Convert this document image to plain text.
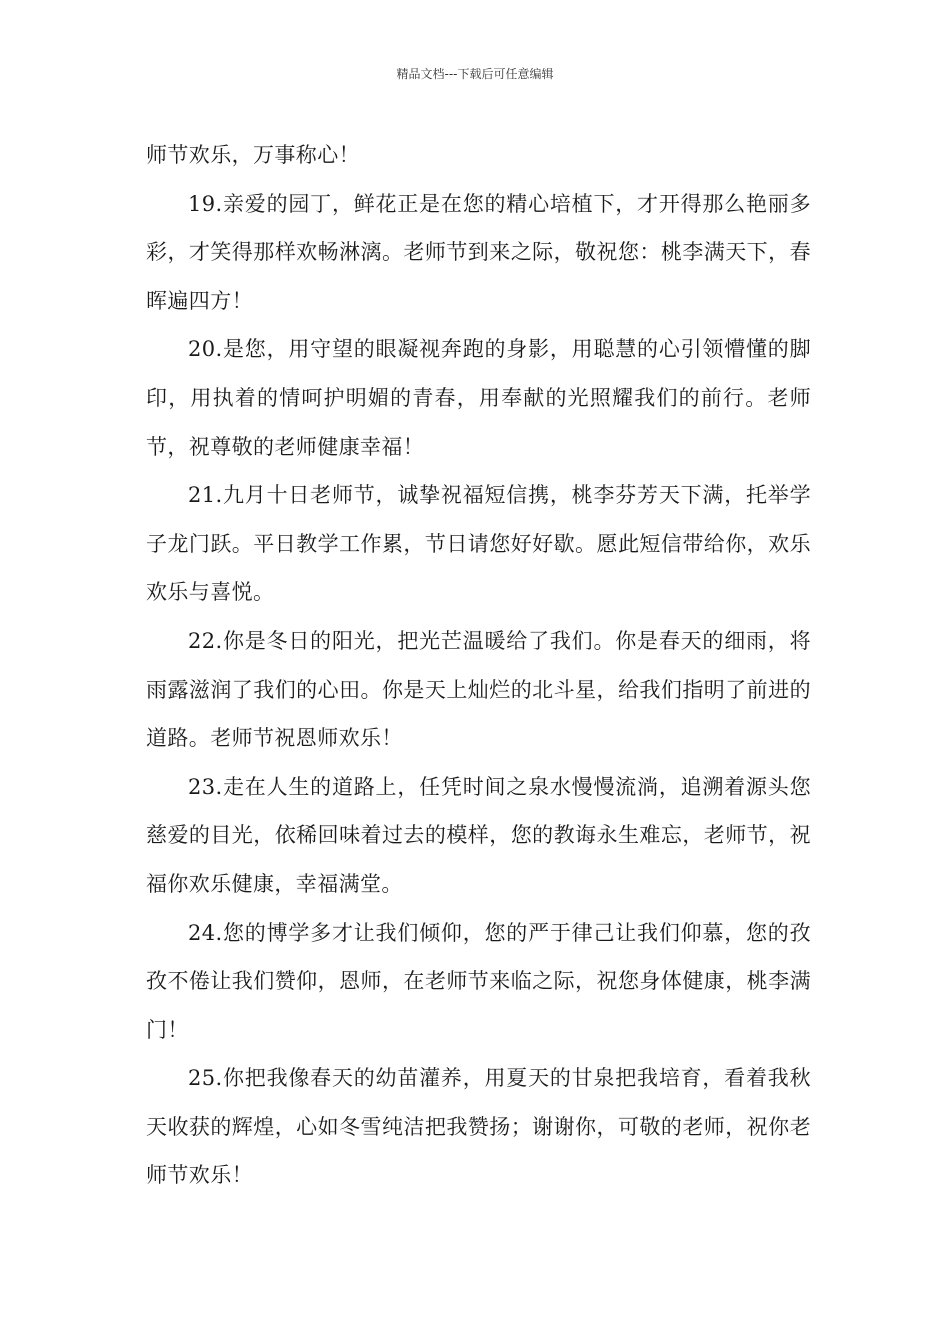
精品文档---下载后可任意编辑

师节欢乐，万事称心！

19.亲爱的园丁，鲜花正是在您的精心培植下，才开得那么艳丽多彩，才笑得那样欢畅淋漓。老师节到来之际，敬祝您：桃李满天下，春晖遍四方！

20.是您，用守望的眼凝视奔跑的身影，用聪慧的心引领懵懂的脚印，用执着的情呵护明媚的青春，用奉献的光照耀我们的前行。老师节，祝尊敬的老师健康幸福！

21.九月十日老师节，诚挚祝福短信携，桃李芬芳天下满，托举学子龙门跃。平日教学工作累，节日请您好好歇。愿此短信带给你，欢乐欢乐与喜悦。

22.你是冬日的阳光，把光芒温暖给了我们。你是春天的细雨，将雨露滋润了我们的心田。你是天上灿烂的北斗星，给我们指明了前进的道路。老师节祝恩师欢乐！

23.走在人生的道路上，任凭时间之泉水慢慢流淌，追溯着源头您慈爱的目光，依稀回味着过去的模样，您的教诲永生难忘，老师节，祝福你欢乐健康，幸福满堂。

24.您的博学多才让我们倾仰，您的严于律己让我们仰慕，您的孜孜不倦让我们赞仰，恩师，在老师节来临之际，祝您身体健康，桃李满门！

25.你把我像春天的幼苗灌养，用夏天的甘泉把我培育，看着我秋天收获的辉煌，心如冬雪纯洁把我赞扬；谢谢你，可敬的老师，祝你老师节欢乐！
